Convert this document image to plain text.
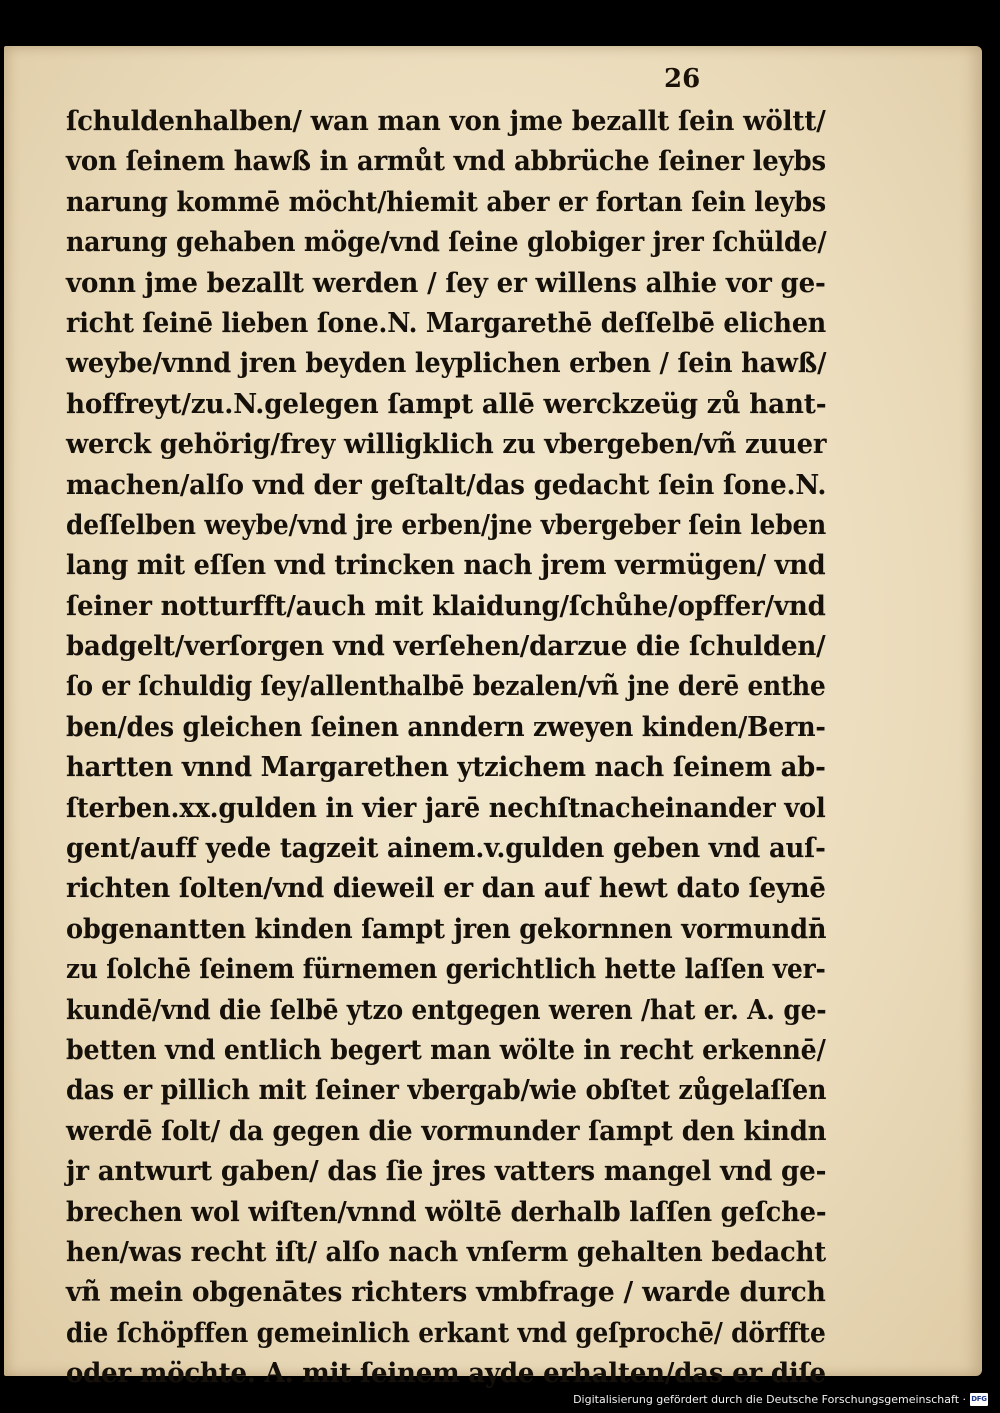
26

ſchuldenhalben/ wan man von jme bezallt ſein wöltt/
von ſeinem hawß in armůt vnd abbrüche ſeiner leybs
narung kommē möcht/hiemit aber er fortan ſein leybs
narung gehaben möge/vnd ſeine globiger jrer ſchülde/
vonn jme bezallt werden / ſey er willens alhie vor ge-
richt ſeinē lieben ſone.N. Margarethē deſſelbē elichen
weybe/vnnd jren beyden leyplichen erben / ſein hawß/
hoffreyt/zu.N.gelegen ſampt allē werckzeüg zů hant-
werck gehörig/frey willigklich zu vbergeben/vñ zuuer
machen/alſo vnd der geſtalt/das gedacht ſein ſone.N.
deſſelben weybe/vnd jre erben/jne vbergeber ſein leben
lang mit eſſen vnd trincken nach jrem vermügen/ vnd
ſeiner notturfft/auch mit klaidung/ſchůhe/opffer/vnd
badgelt/verſorgen vnd verſehen/darzue die ſchulden/
ſo er ſchuldig ſey/allenthalbē bezalen/vñ jne derē enthe
ben/des gleichen ſeinen anndern zweyen kinden/Bern-
hartten vnnd Margarethen ytzichem nach ſeinem ab-
ſterben.xx.gulden in vier jarē nechſtnacheinander vol
gent/auff yede tagzeit ainem.v.gulden geben vnd auſ-
richten ſolten/vnd dieweil er dan auf hewt dato ſeynē
obgenantten kinden ſampt jren gekornnen vormundn̄
zu ſolchē ſeinem fürnemen gerichtlich hette laſſen ver-
kundē/vnd die ſelbē ytzo entgegen weren /hat er. A. ge-
betten vnd entlich begert man wölte in recht erkennē/
das er pillich mit ſeiner vbergab/wie obſtet zůgelaſſen
werdē ſolt/ da gegen die vormunder ſampt den kindn
jr antwurt gaben/ das ſie jres vatters mangel vnd ge-
brechen wol wiſten/vnnd wöltē derhalb laſſen geſche-
hen/was recht iſt/ alſo nach vnſerm gehalten bedacht
vñ mein obgenātes richters vmbfrage / warde durch
die ſchöpffen gemeinlich erkant vnd geſprochē/ dörffte
oder möchte. A. mit ſeinem ayde erhalten/das er diſe
Digitalisierung gefördert durch die Deutsche Forschungsgemeinschaft · DFG
